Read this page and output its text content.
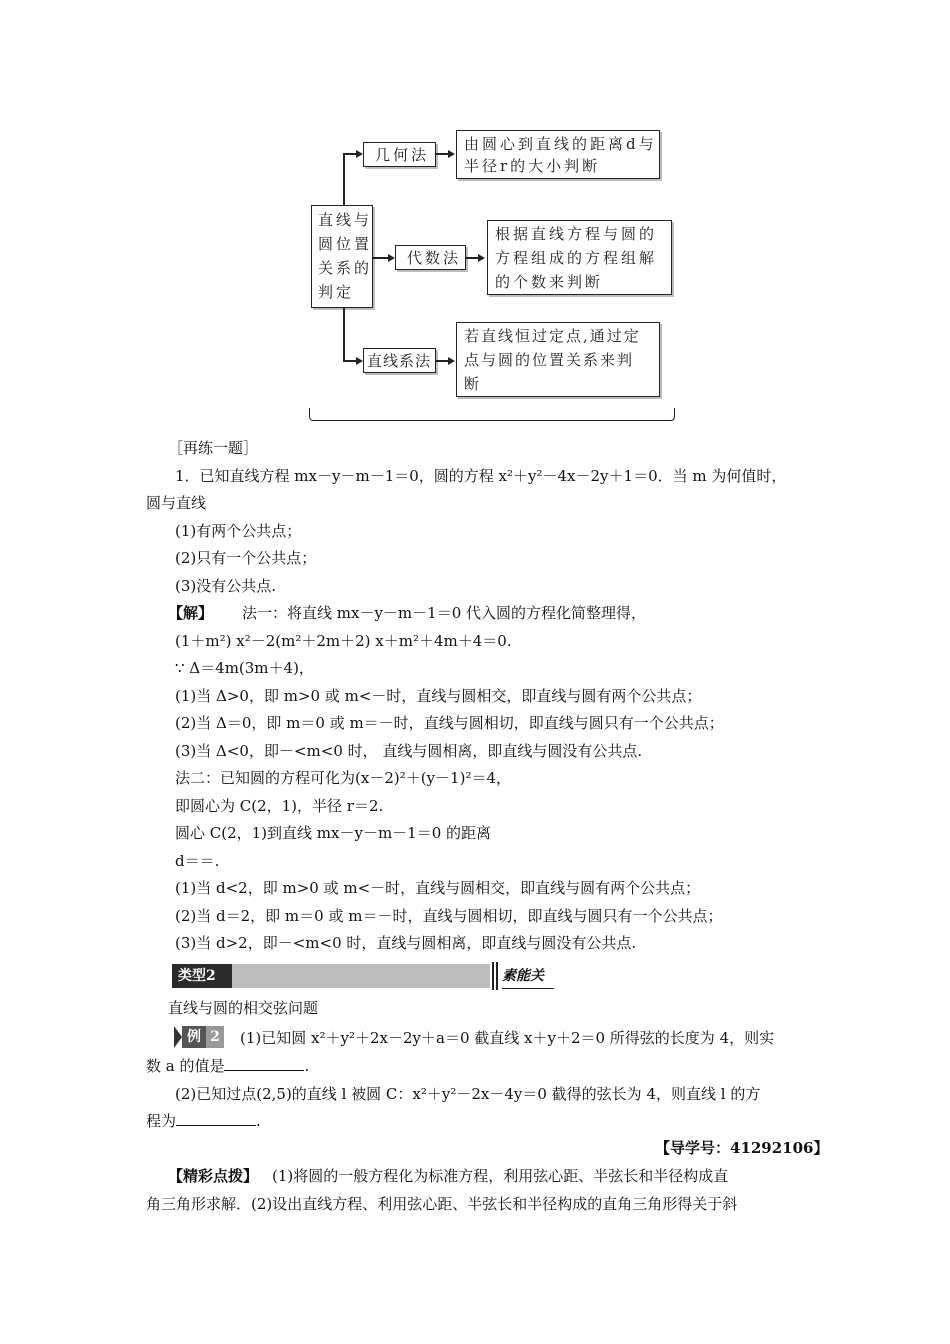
直线与
圆位置
关系的
判定
几何法
由圆心到直线的距离d与
半径r的大小判断
代数法
根据直线方程与圆的
方程组成的方程组解
的个数来判断
直线系法
若直线恒过定点,通过定
点与圆的位置关系来判
断
［再练一题］
1．已知直线方程 mx－y－m－1＝0，圆的方程 x²＋y²－4x－2y＋1＝0．当 m 为何值时，
圆与直线
(1)有两个公共点；
(2)只有一个公共点；
(3)没有公共点.
【解】 法一：将直线 mx－y－m－1＝0 代入圆的方程化简整理得，
(1＋m²) x²－2(m²＋2m＋2) x＋m²＋4m＋4＝0.
∵ Δ＝4m(3m＋4)，
(1)当 Δ>0，即 m>0 或 m<－时，直线与圆相交，即直线与圆有两个公共点；
(2)当 Δ＝0，即 m＝0 或 m＝－时，直线与圆相切，即直线与圆只有一个公共点；
(3)当 Δ<0，即－<m<0 时， 直线与圆相离，即直线与圆没有公共点.
法二：已知圆的方程可化为(x－2)²＋(y－1)²＝4，
即圆心为 C(2，1)，半径 r＝2.
圆心 C(2，1)到直线 mx－y－m－1＝0 的距离
d＝＝.
(1)当 d<2，即 m>0 或 m<－时，直线与圆相交，即直线与圆有两个公共点；
(2)当 d＝2，即 m＝0 或 m＝－时，直线与圆相切，即直线与圆只有一个公共点；
(3)当 d>2，即－<m<0 时，直线与圆相离，即直线与圆没有公共点.
类型2	素能关
直线与圆的相交弦问题
例 2 (1)已知圆 x²＋y²＋2x－2y＋a＝0 截直线 x＋y＋2＝0 所得弦的长度为 4，则实
数 a 的值是	.
(2)已知过点(2,5)的直线 l 被圆 C：x²＋y²－2x－4y＝0 截得的弦长为 4，则直线 l 的方
程为	.
【导学号：41292106】
【精彩点拨】 (1)将圆的一般方程化为标准方程，利用弦心距、半弦长和半径构成直
角三角形求解．(2)设出直线方程、利用弦心距、半弦长和半径构成的直角三角形得关于斜
